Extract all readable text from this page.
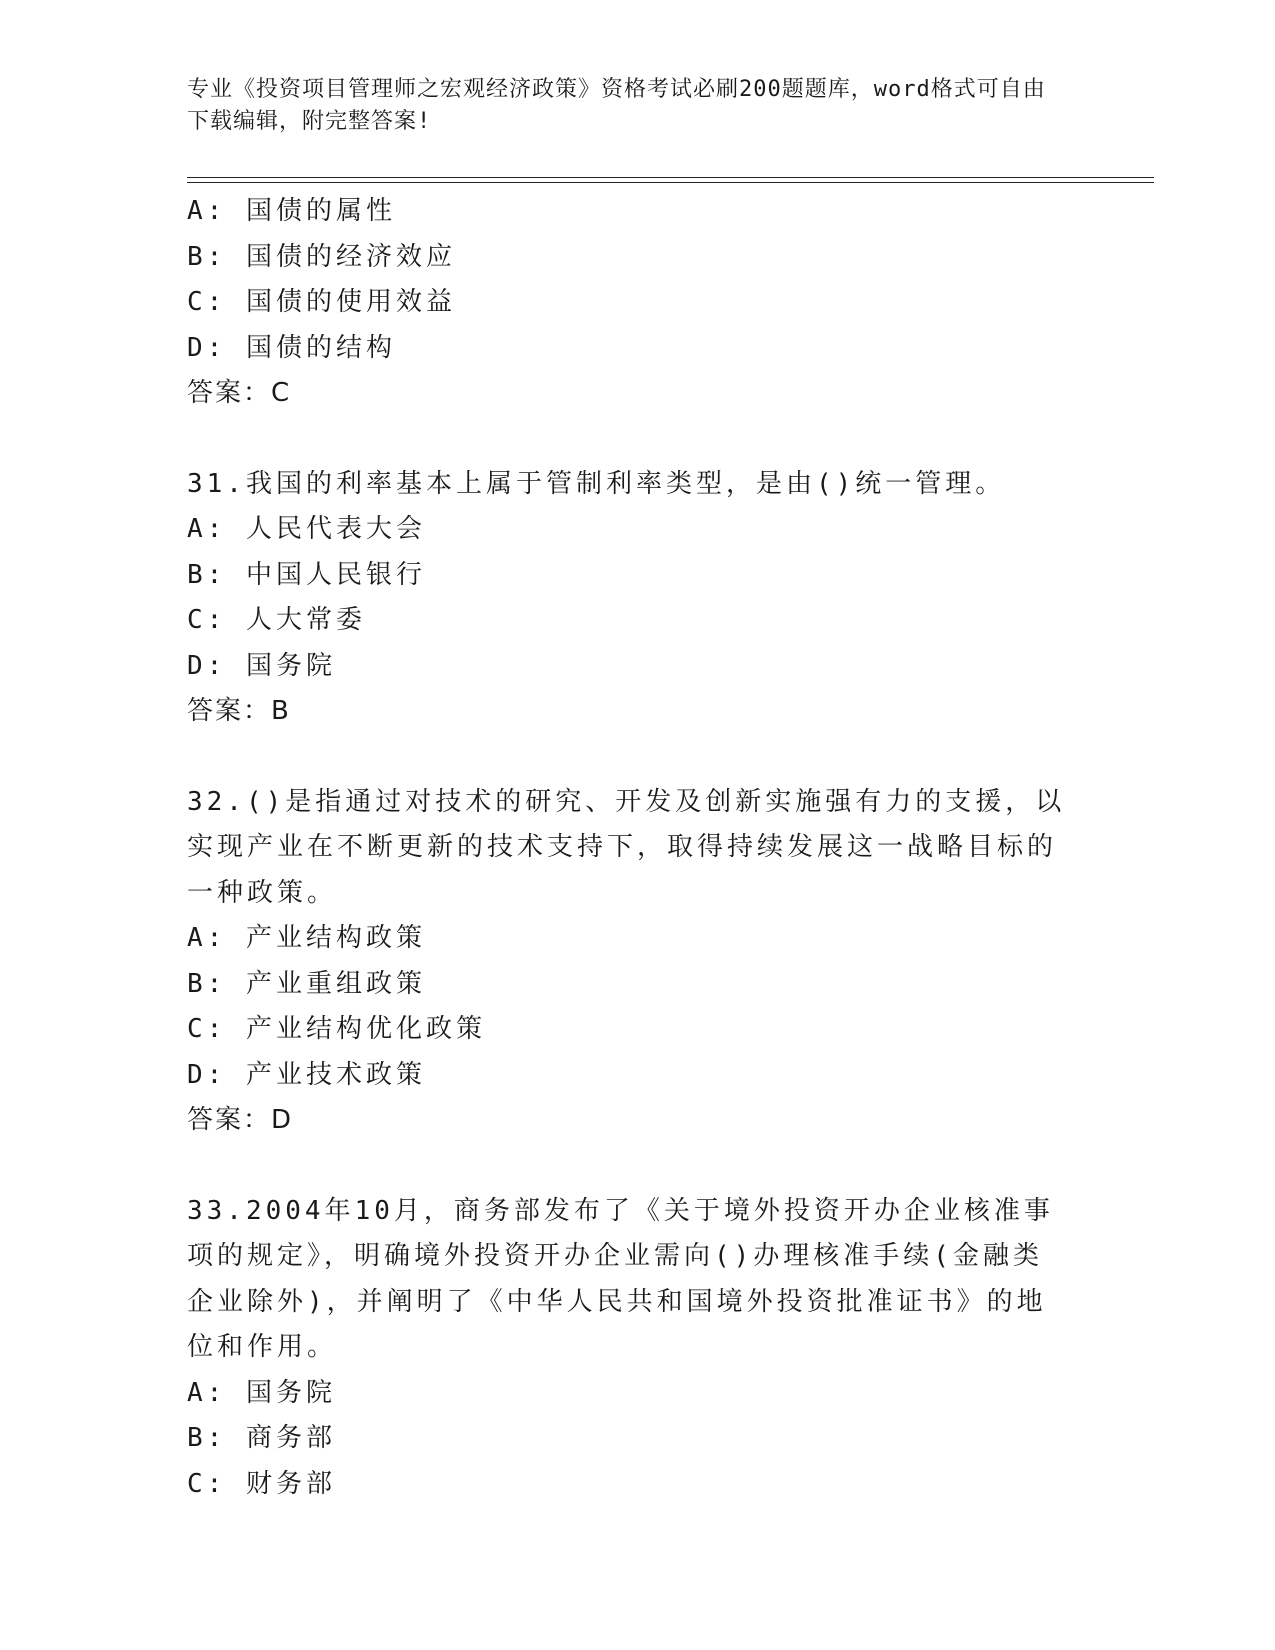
专业《投资项目管理师之宏观经济政策》资格考试必刷200题题库，word格式可自由下载编辑，附完整答案!
A: 国债的属性
B: 国债的经济效应
C: 国债的使用效益
D: 国债的结构
答案：C
31.我国的利率基本上属于管制利率类型，是由()统一管理。
A: 人民代表大会
B: 中国人民银行
C: 人大常委
D: 国务院
答案：B
32.()是指通过对技术的研究、开发及创新实施强有力的支援，以实现产业在不断更新的技术支持下，取得持续发展这一战略目标的一种政策。
A: 产业结构政策
B: 产业重组政策
C: 产业结构优化政策
D: 产业技术政策
答案：D
33.2004年10月，商务部发布了《关于境外投资开办企业核准事项的规定》，明确境外投资开办企业需向()办理核准手续(金融类企业除外)，并阐明了《中华人民共和国境外投资批准证书》的地位和作用。
A: 国务院
B: 商务部
C: 财务部
